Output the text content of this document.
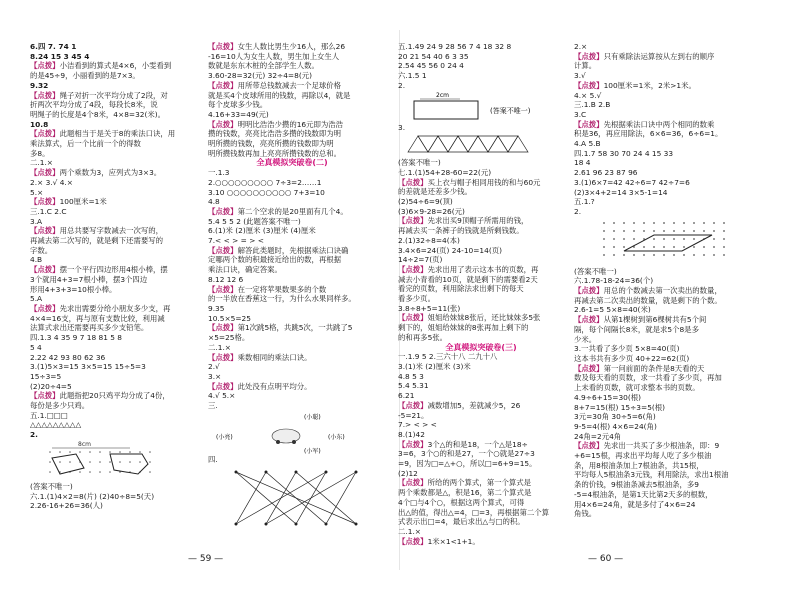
6.四 7. 74 1

8.24 15 3 45 4

【点拨】小洁看到的算式是4×6，小雯看到

的是45÷9，小丽看到的是7×3。

9.32

【点拨】绳子对折一次平均分成了2段，对

折两次平均分成了4段，每段长8米，说

明绳子的长度是4个8米，4×8=32(米)。

10.8

【点拨】此题相当于是关于8的乘法口诀，用

乘法算式，后一个比前一个的得数

多8。

二.1.×

【点拨】两个乘数为3，应列式为3×3。

2.× 3.√ 4.×

5.×

【点拨】100厘米=1米

三.1.C 2.C

3.A

【点拨】用总共要写字数减去一次写的，

再减去第二次写的，就是剩下还需要写的

字数。

4.B

【点拨】摆一个平行四边形用4根小棒，摆

3个就用4+3=7根小棒，摆3个四边

形用4+3+3=10根小棒。

5.A

【点拨】先求出需要分给小朋友多少支，再

4×4=16支，再与原有支数比较，利用减

法算式求出还需要再买多少支铅笔。

四.1.3 4 35 9 7 18 81 5 8

5 4

2.22 42 93 80 62 36

3.(1)5×3=15 3×5=15 15÷5=3

15÷3=5

(2)20÷4=5

【点拨】此题指把20只鸡平均分成了4份，

每份是多少只鸡。

五.1.□□□

△△△△△△△△△

2.

8cm

(答案不唯一)

六.1.(1)4×2=8(片) (2)40÷8=5(天)

2.26-16+26=36(人)

【点拨】女生人数比男生少16人，那么26

-16=10人为女生人数，男生加上女生人

数就是东东木桩的全部学生人数。

3.60-28=32(元) 32÷4=8(元)

【点拨】用所带总钱数减去一个足球价格

就是买4个皮球所用的钱数，再除以4，就是

每个皮球多少钱。

4.16+33=49(元)

【点拨】明明比浩浩少攒的16元即为浩浩

攒的钱数，亮亮比浩浩多攒的钱数即为明

明所攒的钱数，亮亮所攒的钱数即为明

明所攒钱数再加上亮亮所攒钱数的总和。

全真模拟突破卷(二)

一.1.3

2.○○○○○○○○○ 7÷3=2……1

3.10 ○○○○○○○○○○ 7+3=10

4.8

【点拨】第二个空求的是20里面有几个4。

5.4 5 5 2 (此题答案不唯一)

6.(1)米 (2)厘米 (3)厘米 (4)厘米

7.< < > = > <

【点拨】解答此类题时，先根据乘法口诀确

定哪两个数的积最接近给出的数，再根据

乘法口诀，确定答案。

8.12 12 6

【点拨】在一定将苹果数果多的个数

的一半放在香蕉这一行，为什么水果同样多。

9.35

10.5×5=25

【点拨】第1次跳5格，共跳5次，一共跳了5

×5=25格。

二.1.×

【点拨】乘数相同的乘法口诀。

2.√

3.×

【点拨】此处没有点明平均分。

4.√ 5.×

三.

(小聪)
(小亮)	(小东)
(小军)

四.

五.1.49 24 9 28 56 7 4 18 32 8

20 21 54 40 6 3 35

2.54 45 56 0 24 4

六.1.5 1

2.

2cm
(答案不唯一)

3.

(答案不唯一)

七.1.(1)54+28-60=22(元)

【点拨】买上衣与帽子相同用钱的和与60元

的差就是还差多少钱。

(2)54÷6=9(顶)

(3)6×9-28=26(元)

【点拨】先求出买9顶帽子所需用的钱，

再减去买一条裤子的钱就是所剩钱数。

2.(1)32÷8=4(本)

3.4×6=24(页) 24-10=14(页)

14÷2=7(页)

【点拨】先求出用了表示这本书的页数，再

减去小青看的10页，就是剩下的需要看2天

看完的页数，利用除法求出剩下的每天

看多少页。

3.8÷8+5=11(张)

【点拨】姐姐给妹妹8张后，还比妹妹多5张

剩下的，姐姐给妹妹的8张再加上剩下的

的和再多5张。

全真模拟突破卷(三)

一.1.9 5 2.三六十八 二九十八

3.(1)米 (2)厘米 (3)米

4.8 5 3

5.4 5.31

6.21

【点拨】减数增加5，差就减少5，26

-5=21。

7.> < > <

8.(1)42

【点拨】3个△的和是18，一个△是18÷

3=6，3个○的和是27，一个○就是27÷3

=9，因为□=△+○，所以□=6+9=15。

(2)12

【点拨】所给的两个算式，第一个算式是

两个乘数都是△，积是16，第二个算式是

4个□与4个○，根据这两个算式，可得

出△的值，得出△=4，□=3，再根据第二个算

式表示出□=4，最后求出△与□的积。

二.1.×

【点拨】1米×1<1+1。

2.×

【点拨】只有乘除法运算按从左到右的顺序

计算。

3.√

【点拨】100厘米=1米，2米>1米。

4.× 5.√

三.1.B 2.B

3.C

【点拨】先根据乘法口诀中两个相同的数乘

积是36，再应用除法，6×6=36，6÷6=1。

4.A 5.B

四.1.7 58 30 70 24 4 15 33

18 4

2.61 96 23 87 96

3.(1)6×7=42 42÷6=7 42÷7=6

(2)3×4+2=14 3×5-1=14

五.1.?

2.

(答案不唯一)

六.1.78-18-24=36(个)

【点拨】用总的个数减去第一次卖出的数量，

再减去第二次卖出的数量，就是剩下的个数。

2.6-1=5 5×8=40(米)

【点拨】从第1棵树到第6棵树共有5个间

隔，每个间隔长8米，就是求5个8是多

少米。

3.一共看了多少页 5×8=40(页)

这本书共有多少页 40+22=62(页)

【点拨】第一问前面的条件是8天看的天

数及每天看的页数，求一共看了多少页，再加

上未看的页数，就可求整本书的页数。

4.9÷6+15=30(根)

8+7=15(根) 15÷3=5(根)

3元=30角 30÷5=6(角)

9-5=4(根) 4×6=24(角)

24角=2元4角

【点拨】先求出一共买了多少根油条，即：9

+6=15根，再求出平均每人吃了多少根油

条，用8根油条加上7根油条，共15根，

平均每人5根油条3元钱，利用除法，求出1根油

条的价钱，9根油条减去5根油条，多9

-5=4根油条，是第1天比第2天多的根数，

用4×6=24角，就是多付了4×6=24

角钱。

— 59 —	— 60 —
